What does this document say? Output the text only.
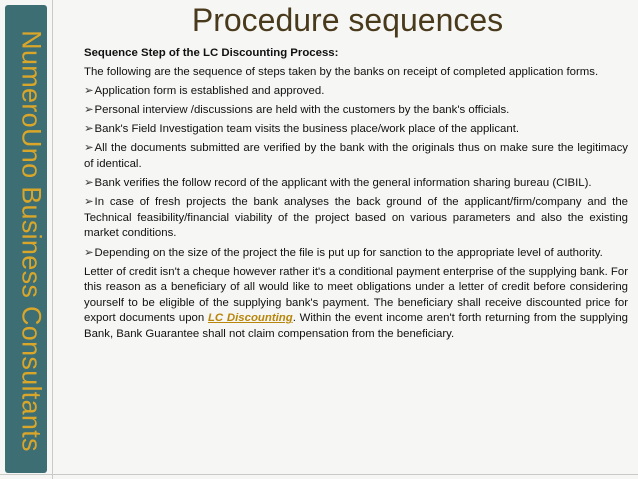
NumeroUno Business Consultants
Procedure sequences

Sequence Step of the LC Discounting Process:

The following are the sequence of steps taken by the banks on receipt of completed application forms.

➢Application form is established and approved.

➢Personal interview /discussions are held with the customers by the bank's officials.

➢Bank's Field Investigation team visits the business place/work place of the applicant.

➢All the documents submitted are verified by the bank with the originals thus on make sure the legitimacy of identical.

➢Bank verifies the follow record of the applicant with the general information sharing bureau (CIBIL).

➢In case of fresh projects the bank analyses the back ground of the applicant/firm/company and the Technical feasibility/financial viability of the project based on various parameters and also the existing market conditions.

➢Depending on the size of the project the file is put up for sanction to the appropriate level of authority.

Letter of credit isn't a cheque however rather it's a conditional payment enterprise of the supplying bank. For this reason as a beneficiary of all would like to meet obligations under a letter of credit before considering yourself to be eligible of the supplying bank's payment. The beneficiary shall receive discounted price for export documents upon LC Discounting. Within the event income aren't forth returning from the supplying Bank, Bank Guarantee shall not claim compensation from the beneficiary.
